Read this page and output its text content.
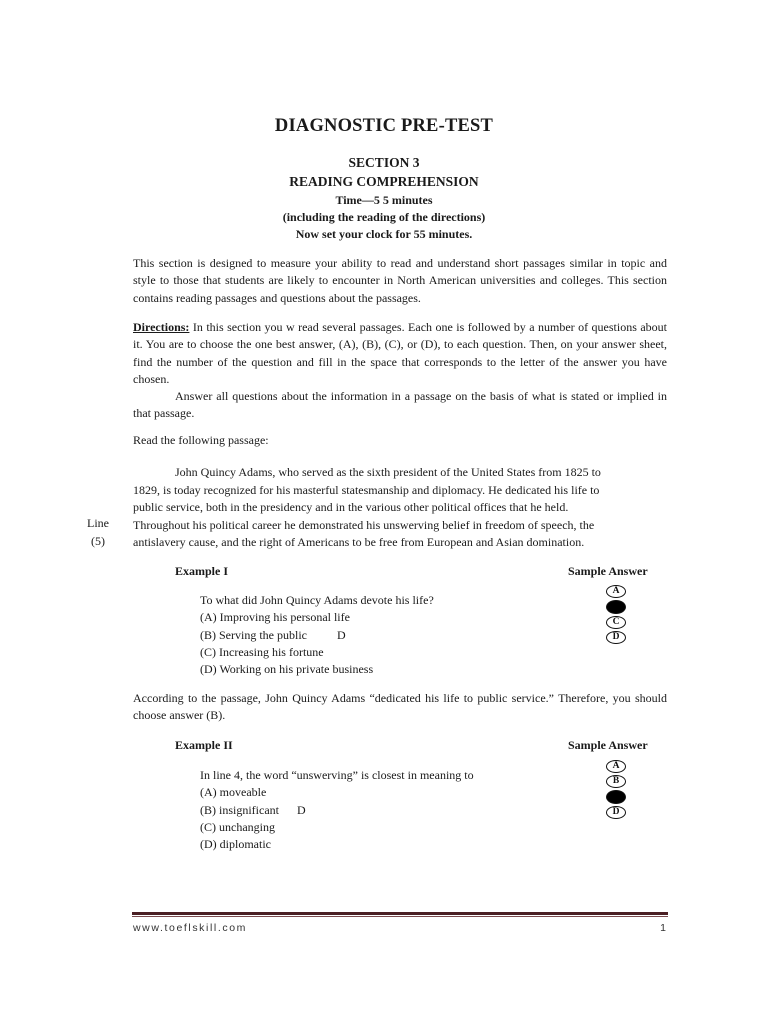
DIAGNOSTIC PRE-TEST
SECTION 3
READING COMPREHENSION
Time—5 5 minutes
(including the reading of the directions)
Now set your clock for 55 minutes.
This section is designed to measure your ability to read and understand short passages similar in topic and style to those that students are likely to encounter in North American universities and colleges. This section contains reading passages and questions about the passages.
Directions: In this section you w read several passages. Each one is followed by a number of questions about it. You are to choose the one best answer, (A), (B), (C), or (D), to each question. Then, on your answer sheet, find the number of the question and fill in the space that corresponds to the letter of the answer you have chosen.
Answer all questions about the information in a passage on the basis of what is stated or implied in that passage.
Read the following passage:
John Quincy Adams, who served as the sixth president of the United States from 1825 to
1829, is today recognized for his masterful statesmanship and diplomacy. He dedicated his life to
public service, both in the presidency and in the various other political offices that he held.
Throughout his political career he demonstrated his unswerving belief in freedom of speech, the
antislavery cause, and the right of Americans to be free from European and Asian domination.
Line
(5)
Example I	Sample Answer
To what did John Quincy Adams devote his life?
(A) Improving his personal life
(B) Serving the public	D
(C) Increasing his fortune
(D) Working on his private business
A
C
D
According to the passage, John Quincy Adams “dedicated his life to public service.” Therefore, you should choose answer (B).
Example II	Sample Answer
In line 4, the word “unswerving” is closest in meaning to
(A) moveable
(B) insignificant D
(C) unchanging
(D) diplomatic
A
B
D
www.toeflskill.com	1
